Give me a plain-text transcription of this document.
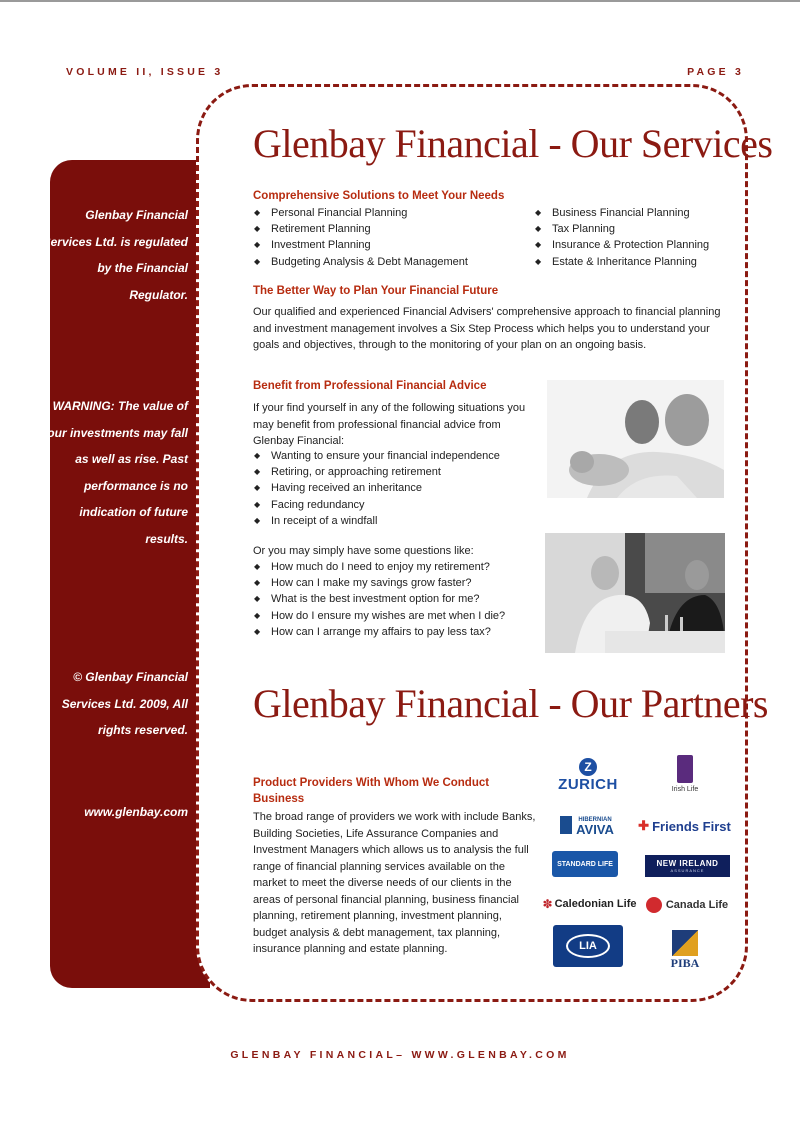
VOLUME II, ISSUE 3	PAGE 3
Glenbay Financial Services Ltd. is regulated by the Financial Regulator.
WARNING: The value of your investments may fall as well as rise. Past performance is no indication of future results.
© Glenbay Financial Services Ltd. 2009, All rights reserved.
www.glenbay.com
Glenbay Financial - Our Services
Comprehensive Solutions to Meet Your Needs
◆ Personal Financial Planning
◆ Retirement Planning
◆ Investment Planning
◆ Budgeting Analysis & Debt Management
◆ Business Financial Planning
◆ Tax Planning
◆ Insurance & Protection Planning
◆ Estate & Inheritance Planning
The Better Way to Plan Your Financial Future

Our qualified and experienced Financial Advisers' comprehensive approach to financial planning and investment management involves a Six Step Process which helps you to understand your goals and objectives, through to the monitoring of your plan on an ongoing basis.

Benefit from Professional Financial Advice

If your find yourself in any of the following situations you may benefit from professional financial advice from Glenbay Financial:

◆ Wanting to ensure your financial independence
◆ Retiring, or approaching retirement
◆ Having received an inheritance
◆ Facing redundancy
◆ In receipt of a windfall

Or you may simply have some questions like:

◆ How much do I need to enjoy my retirement?
◆ How can I make my savings grow faster?
◆ What is the best investment option for me?
◆ How do I ensure my wishes are met when I die?
◆ How can I arrange my affairs to pay less tax?
Glenbay Financial - Our Partners
Product Providers With Whom We Conduct Business

The broad range of providers we work with include Banks, Building Societies, Life Assurance Companies and Investment Managers which allows us to analysis the full range of financial planning services available on the market to meet the diverse needs of our clients in the areas of personal financial planning, business financial planning, retirement planning, investment planning, budget analysis & debt management, tax planning, insurance planning and estate planning.

Z
ZURICH	Irish Life
HIBERNIAN
AVIVA ✚ Friends First
STANDARD LIFE	NEW IRELAND
ASSURANCE
✽ Caledonian Life	Canada Life
LIA
PIBA
GLENBAY FINANCIAL– WWW.GLENBAY.COM
